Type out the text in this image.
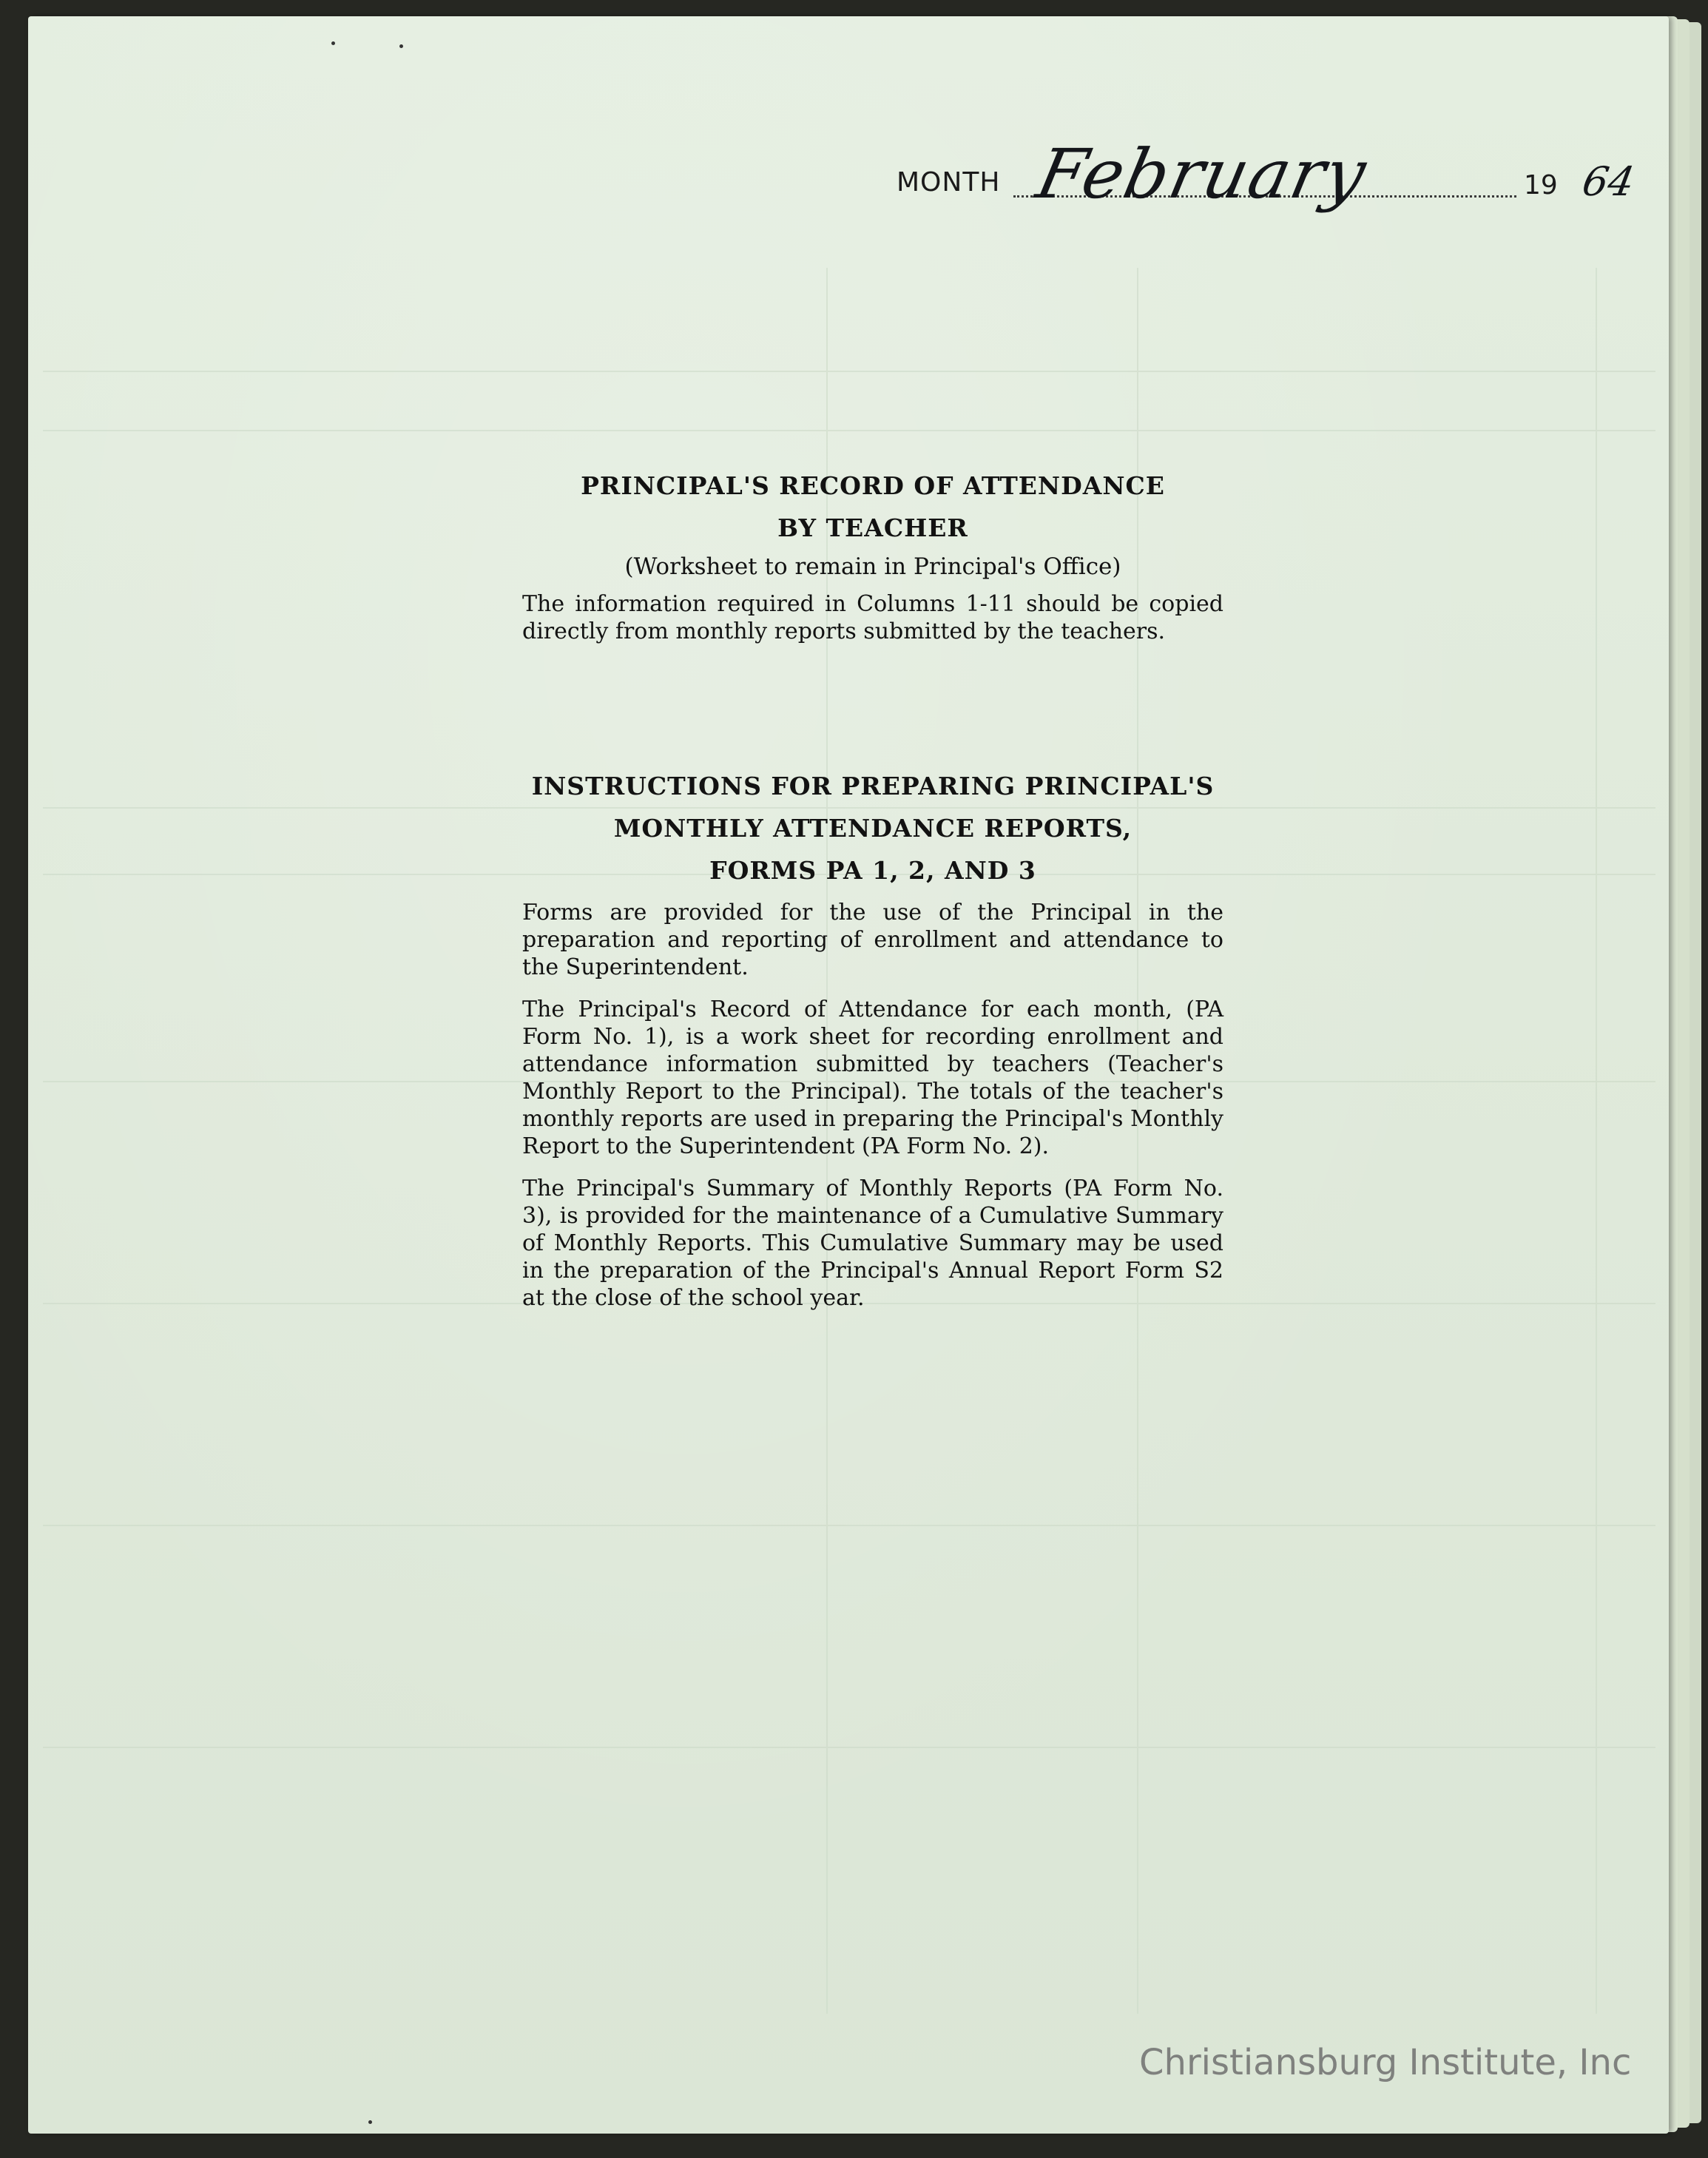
MONTH February	19 64

PRINCIPAL'S RECORD OF ATTENDANCE

BY TEACHER

(Worksheet to remain in Principal's Office)

The information required in Columns 1-11 should be copied directly from monthly reports submitted by the teachers.

INSTRUCTIONS FOR PREPARING PRINCIPAL'S

MONTHLY ATTENDANCE REPORTS,

FORMS PA 1, 2, AND 3

Forms are provided for the use of the Principal in the preparation and reporting of enrollment and attendance to the Superintendent.

The Principal's Record of Attendance for each month, (PA Form No. 1), is a work sheet for recording enrollment and attendance information submitted by teachers (Teacher's Monthly Report to the Principal). The totals of the teacher's monthly reports are used in preparing the Principal's Monthly Report to the Superintendent (PA Form No. 2).

The Principal's Summary of Monthly Reports (PA Form No. 3), is provided for the maintenance of a Cumulative Summary of Monthly Reports. This Cumulative Summary may be used in the preparation of the Principal's Annual Report Form S2 at the close of the school year.

Christiansburg Institute, Inc
